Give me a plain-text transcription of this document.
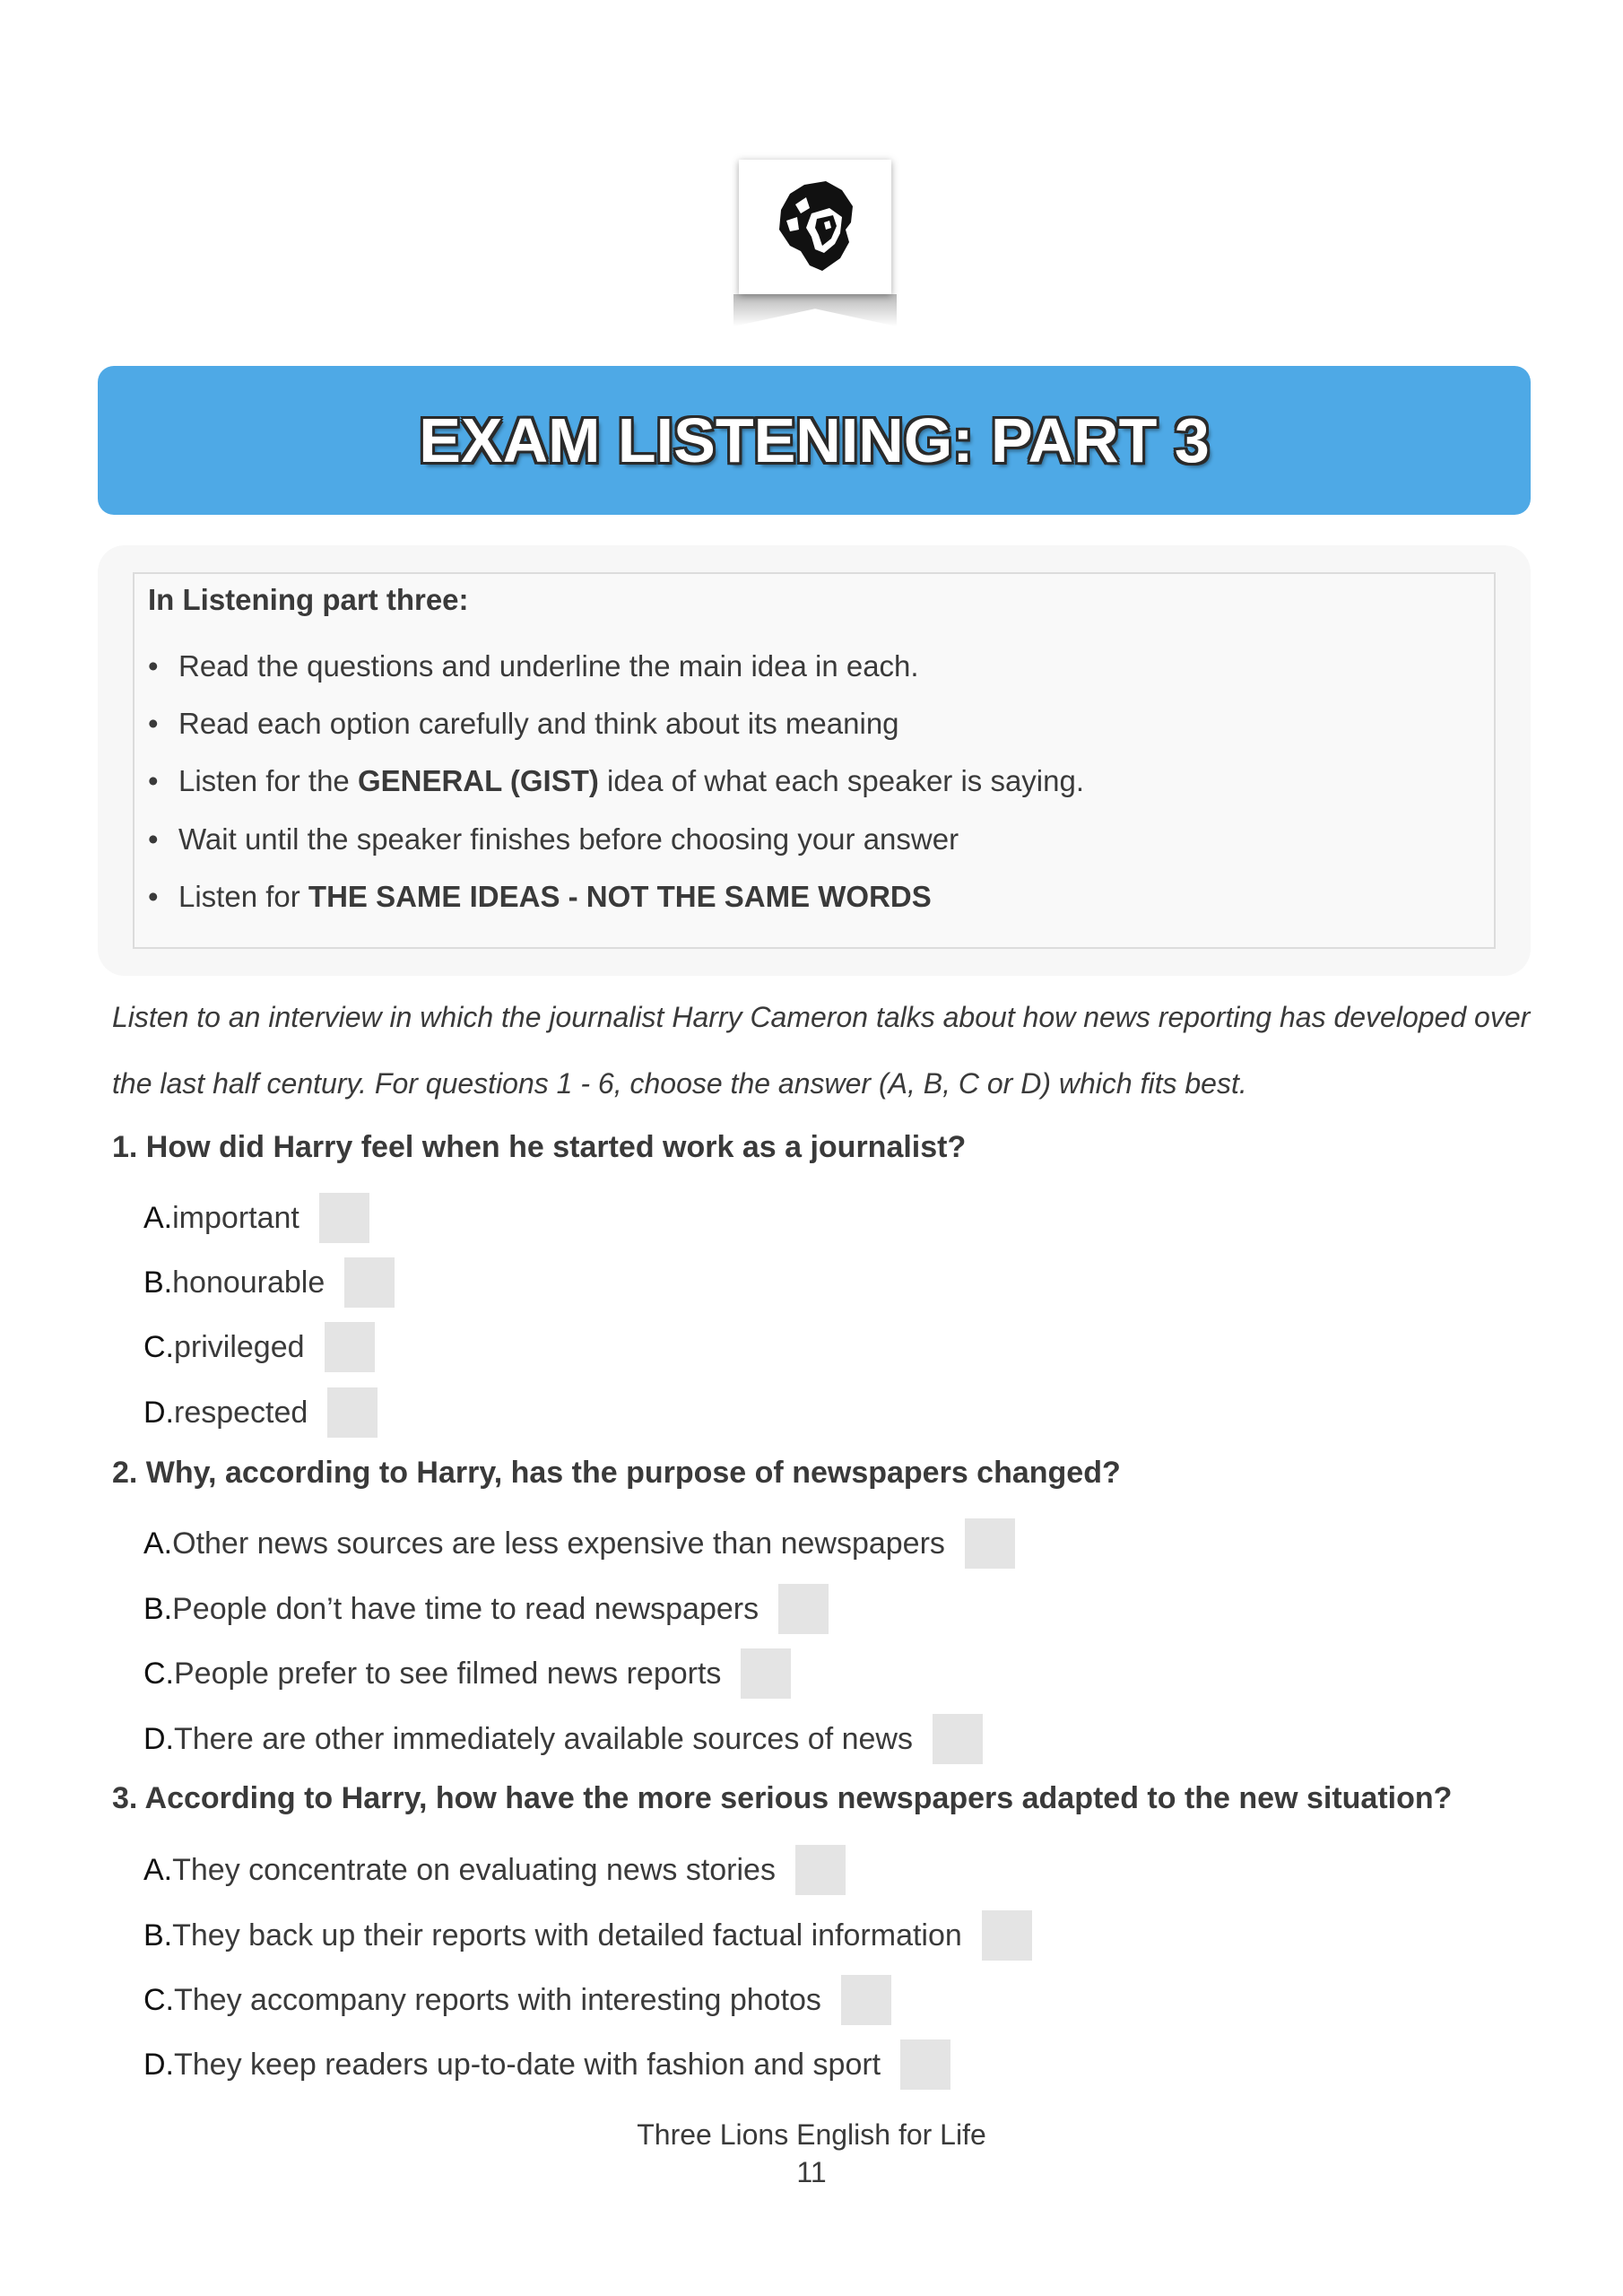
EXAM LISTENING: PART 3
In Listening part three:
• Read the questions and underline the main idea in each.
• Read each option carefully and think about its meaning
• Listen for the GENERAL (GIST) idea of what each speaker is saying.
• Wait until the speaker finishes before choosing your answer
• Listen for THE SAME IDEAS - NOT THE SAME WORDS
Listen to an interview in which the journalist Harry Cameron talks about how news reporting has developed over
the last half century. For questions 1 - 6, choose the answer (A, B, C or D) which fits best.
1. How did Harry feel when he started work as a journalist?
A. important
B. honourable
C. privileged
D. respected
2. Why, according to Harry, has the purpose of newspapers changed?
A. Other news sources are less expensive than newspapers
B. People don’t have time to read newspapers
C. People prefer to see filmed news reports
D. There are other immediately available sources of news
3. According to Harry, how have the more serious newspapers adapted to the new situation?
A. They concentrate on evaluating news stories
B. They back up their reports with detailed factual information
C. They accompany reports with interesting photos
D. They keep readers up-to-date with fashion and sport
Three Lions English for Life
11
